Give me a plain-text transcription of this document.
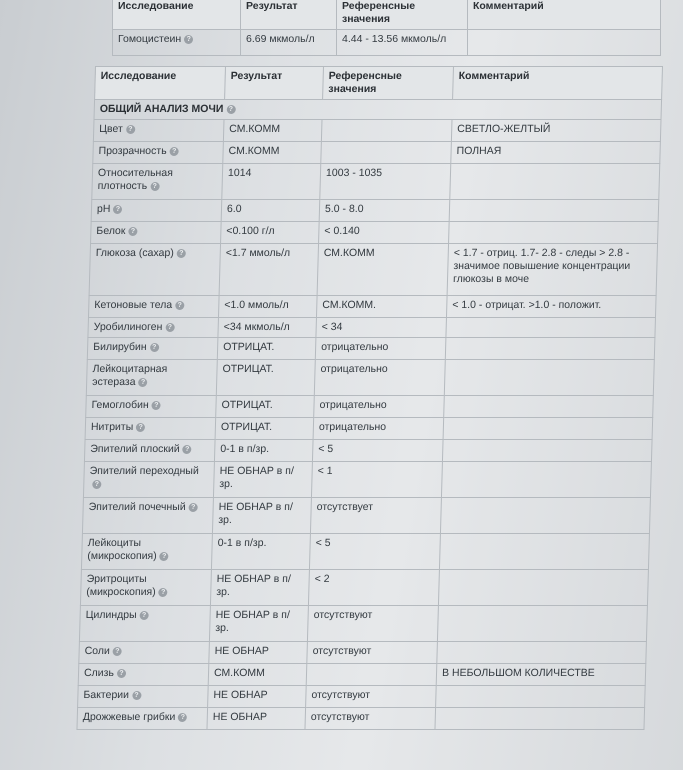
Исследование	Результат	Референсные значения	Комментарий
Гомоцистеин ?	6.69 мкмоль/л	4.44 - 13.56 мкмоль/л	
Исследование	Результат	Референсные значения	Комментарий
ОБЩИЙ АНАЛИЗ МОЧИ ?			
Цвет ?	СМ.КОММ		СВЕТЛО-ЖЕЛТЫЙ
Прозрачность ?	СМ.КОММ		ПОЛНАЯ
Относительная плотность ?	1014	1003 - 1035	
pH ?	6.0	5.0 - 8.0	
Белок ?	<0.100 г/л	< 0.140	
Глюкоза (сахар) ?	<1.7 ммоль/л	СМ.КОММ	< 1.7 - отриц. 1.7- 2.8 - следы > 2.8 - значимое повышение концентрации глюкозы в моче
Кетоновые тела ?	<1.0 ммоль/л	СМ.КОММ.	< 1.0 - отрицат. >1.0 - положит.
Уробилиноген ?	<34 мкмоль/л	< 34	
Билирубин ?	ОТРИЦАТ.	отрицательно	
Лейкоцитарная эстераза ?	ОТРИЦАТ.	отрицательно	
Гемоглобин ?	ОТРИЦАТ.	отрицательно	
Нитриты ?	ОТРИЦАТ.	отрицательно	
Эпителий плоский ?	0-1 в п/зр.	< 5	
Эпителий переходный?	НЕ ОБНАР в п/зр.	< 1	
Эпителий почечный ?	НЕ ОБНАР в п/зр.	отсутствует	
Лейкоциты (микроскопия) ?	0-1 в п/зр.	< 5	
Эритроциты (микроскопия) ?	НЕ ОБНАР в п/зр.	< 2	
Цилиндры ?	НЕ ОБНАР в п/зр.	отсутствуют	
Соли ?	НЕ ОБНАР	отсутствуют	
Слизь ?	СМ.КОММ		В НЕБОЛЬШОМ КОЛИЧЕСТВЕ
Бактерии ?	НЕ ОБНАР	отсутствуют	
Дрожжевые грибки ?	НЕ ОБНАР	отсутствуют	
